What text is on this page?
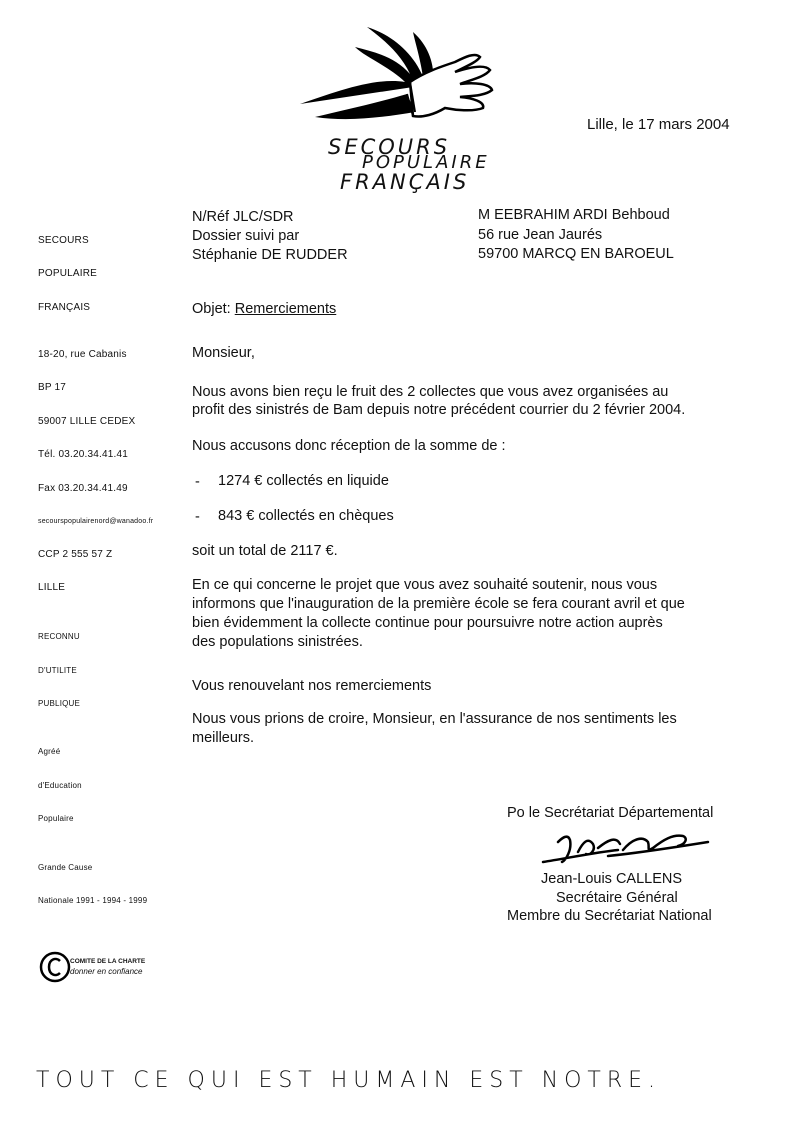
SECOURS
POPULAIRE
FRANÇAIS
Lille, le 17 mars 2004
N/Réf JLC/SDR
Dossier suivi par
Stéphanie DE RUDDER
M EEBRAHIM ARDI Behboud
56 rue Jean Jaurés
59700 MARCQ EN BAROEUL
SECOURS
POPULAIRE
FRANÇAIS
18-20, rue Cabanis
BP 17
59007 LILLE CEDEX
Tél. 03.20.34.41.41
Fax 03.20.34.41.49
secourspopulairenord@wanadoo.fr
CCP 2 555 57 Z
LILLE
RECONNU
D'UTILITE
PUBLIQUE
Agréé
d'Education
Populaire
Grande Cause
Nationale 1991 - 1994 - 1999
COMITE DE LA CHARTE
donner en confiance
Objet: Remerciements
Monsieur,
Nous avons bien reçu le fruit des 2 collectes que vous avez organisées au
profit des sinistrés de Bam depuis notre précédent courrier du 2 février 2004.
Nous accusons donc réception de la somme de :
- 1274 € collectés en liquide
- 843 € collectés en chèques
soit un total de 2117 €.
En ce qui concerne le projet que vous avez souhaité soutenir, nous vous
informons que l'inauguration de la première école se fera courant avril et que
bien évidemment la collecte continue pour poursuivre notre action auprès
des populations sinistrées.
Vous renouvelant nos remerciements
Nous vous prions de croire, Monsieur, en l'assurance de nos sentiments les
meilleurs.
Po le Secrétariat Départemental
Jean-Louis CALLENS
Secrétaire Général
Membre du Secrétariat National
TOUT CE QUI EST HUMAIN EST NOTRE.
